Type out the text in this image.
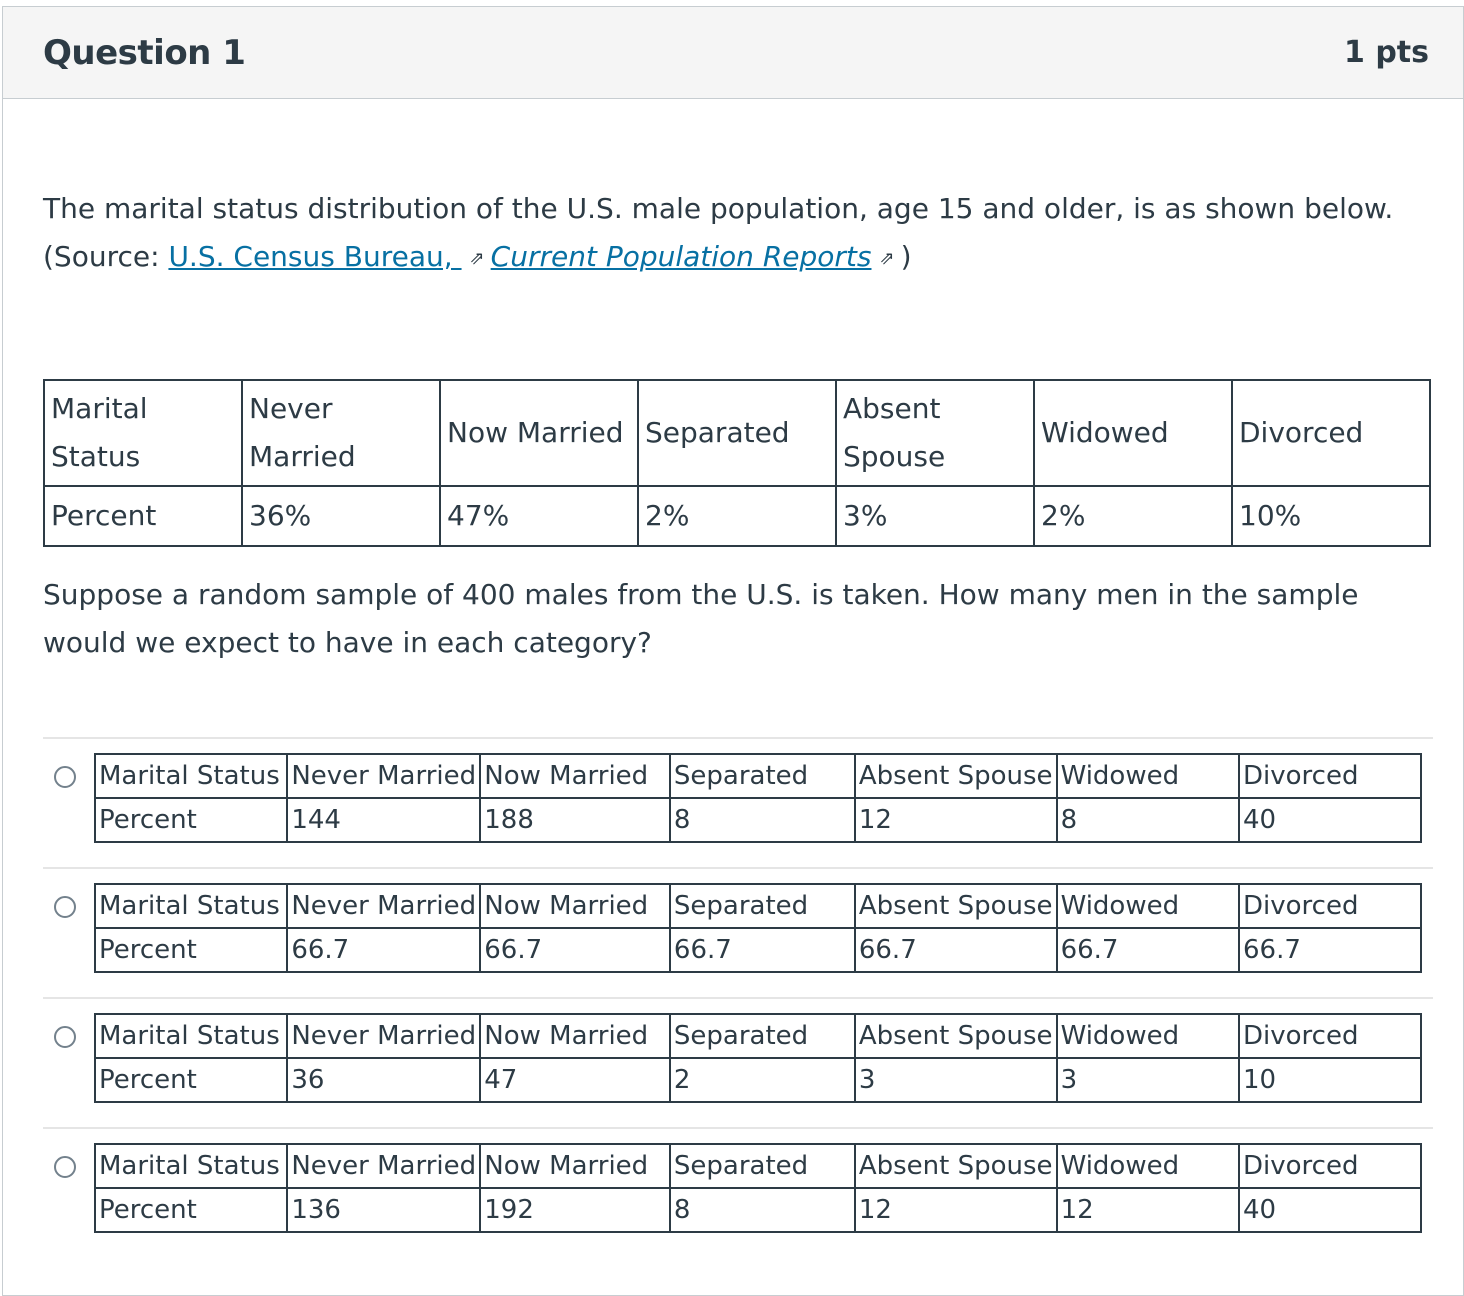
Question 1	1 pts
The marital status distribution of the U.S. male population, age 15 and older, is as shown below.
(Source: U.S. Census Bureau, ⇗ Current Population Reports ⇗ )
Marital Status	Never Married	Now Married	Separated	Absent Spouse	Widowed	Divorced
Percent	36%	47%	2%	3%	2%	10%
Suppose a random sample of 400 males from the U.S. is taken. How many men in the sample would we expect to have in each category?
Marital Status	Never Married	Now Married	Separated	Absent Spouse	Widowed	Divorced
Percent	144	188	8	12	8	40
Marital Status	Never Married	Now Married	Separated	Absent Spouse	Widowed	Divorced
Percent	66.7	66.7	66.7	66.7	66.7	66.7
Marital Status	Never Married	Now Married	Separated	Absent Spouse	Widowed	Divorced
Percent	36	47	2	3	3	10
Marital Status	Never Married	Now Married	Separated	Absent Spouse	Widowed	Divorced
Percent	136	192	8	12	12	40
